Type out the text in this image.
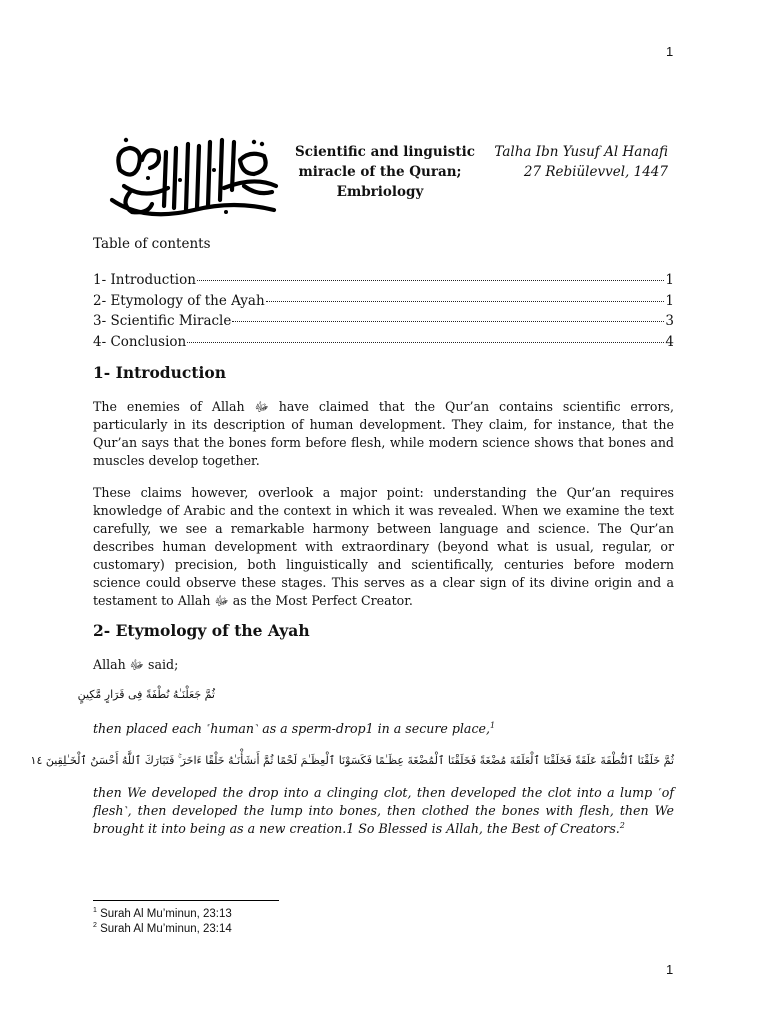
1
Scientific and linguistic
miracle of the Quran;
Embriology
Talha Ibn Yusuf Al Hanafi
27 Rebiülevvel, 1447
Table of contents
1- Introduction	1
2- Etymology of the Ayah	1
3- Scientific Miracle	3
4- Conclusion	4
1- Introduction

The enemies of Allah ﷻ have claimed that the Qur’an contains scientific errors, particularly in its description of human development. They claim, for instance, that the Qur’an says that the bones form before flesh, while modern science shows that bones and muscles develop together.

These claims however, overlook a major point: understanding the Qur’an requires knowledge of Arabic and the context in which it was revealed. When we examine the text carefully, we see a remarkable harmony between language and science. The Qur’an describes human development with extraordinary (beyond what is usual, regular, or customary) precision, both linguistically and scientifically, centuries before modern science could observe these stages. This serves as a clear sign of its divine origin and a testament to Allah ﷻ as the Most Perfect Creator.

2- Etymology of the Ayah

Allah ﷻ said;

ثُمَّ جَعَلْنَـٰهُ نُطْفَةً فِى قَرَارٍ مَّكِينٍ

then placed each ˹human˺ as a sperm-drop1 in a secure place,$^1$

ثُمَّ خَلَقْنَا ٱلنُّطْفَةَ عَلَقَةً فَخَلَقْنَا ٱلْعَلَقَةَ مُضْغَةً فَخَلَقْنَا ٱلْمُضْغَةَ عِظَـٰمًا فَكَسَوْنَا ٱلْعِظَـٰمَ لَحْمًا ثُمَّ أَنشَأْنَـٰهُ خَلْقًا ءَاخَرَ ۚ فَتَبَارَكَ ٱللَّهُ أَحْسَنُ ٱلْخَـٰلِقِينَ ١٤

then We developed the drop into a clinging clot, then developed the clot into a lump ˹of flesh˺, then developed the lump into bones, then clothed the bones with flesh, then We brought it into being as a new creation.1 So Blessed is Allah, the Best of Creators.$^2$

$^1$ Surah Al Mu’minun, 23:13
$^2$ Surah Al Mu’minun, 23:14
1
